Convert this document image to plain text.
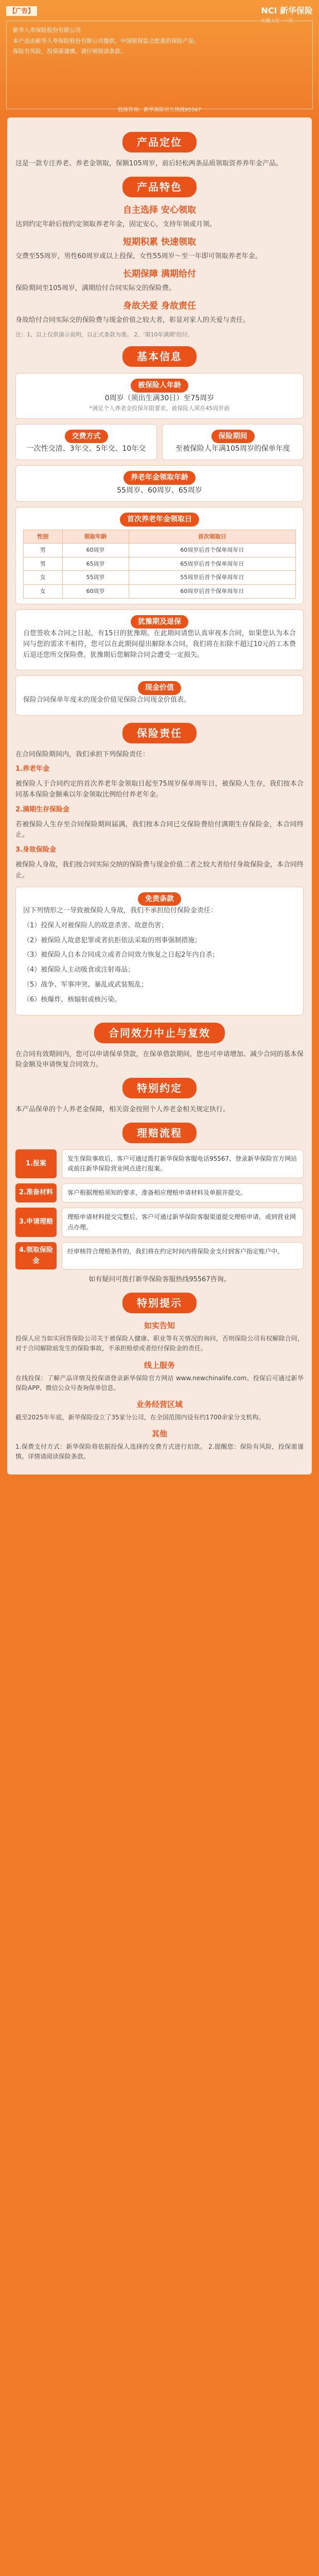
【广告】	NCI 新华保险
天使人生 · 一生

新华人寿保险股份有限公司

本产品由新华人寿保险股份有限公司提供，中国银保监会批准的保险产品。

保险有风险，投保需谨慎。请仔细阅读条款。

投保咨询：新华保险官方热线95567
产品定位

这是一款专注养老、养老金领取，保额105周岁，前后轻松两条品质领取资养养年金产品。

产品特色
自主选择 安心领取

达到约定年龄后按约定领取养老年金，固定安心，支持年领或月领。

短期积累 快速领取

交费至55周岁，男性60周岁或以上投保，女性55周岁～至一年即可领取养老年金。

长期保障 满期给付

保险期间至105周岁，满期给付合同实际交的保险费。

身故关爱 身故责任

身故给付合同实际交的保险费与现金价值之较大者，彰显对家人的关爱与责任。

注：1、以上仅供演示说明，以正式条款为准。 2、'第10年满期'给付。

基本信息
被保险人年龄

0周岁（须出生满30日）至75周岁

*满足个人养老金投保年限要求，被保险人须在45周岁前

交费方式

一次性交清、3年交、5年交、10年交

保险期间

至被保险人年满105周岁的保单年度

养老年金领取年龄

55周岁、60周岁、65周岁

首次养老年金领取日
性别	领取年龄	首次领取日
男	60周岁	60周岁后首个保单周年日
男	65周岁	65周岁后首个保单周年日
女	55周岁	55周岁后首个保单周年日
女	60周岁	60周岁后首个保单周年日
犹豫期及退保

自您签收本合同之日起，有15日的犹豫期。在此期间请您认真审视本合同，如果您认为本合同与您的需求不相符，您可以在此期间提出解除本合同，我们将在扣除不超过10元的工本费后退还您所交保险费。犹豫期后您解除合同会遭受一定损失。

现金价值

保险合同保单年度末的现金价值见保险合同现金价值表。

保险责任

在合同保险期间内，我们承担下列保险责任：

1.养老年金

被保险人于合同约定的首次养老年金领取日起至75周岁保单周年日，被保险人生存，我们按本合同基本保险金额乘以年金领取比例给付养老年金。

2.满期生存保险金

若被保险人生存至合同保险期间届满，我们按本合同已交保险费给付满期生存保险金，本合同终止。

3.身故保险金

被保险人身故，我们按合同实际交纳的保险费与现金价值二者之较大者给付身故保险金，本合同终止。

免责条款

因下列情形之一导致被保险人身故，我们不承担给付保险金责任：

（1）投保人对被保险人的故意杀害、故意伤害；

（2）被保险人故意犯罪或者抗拒依法采取的刑事强制措施；

（3）被保险人自本合同成立或者合同效力恢复之日起2年内自杀；

（4）被保险人主动吸食或注射毒品；

（5）战争、军事冲突、暴乱或武装叛乱；

（6）核爆炸、核辐射或核污染。

合同效力中止与复效

在合同有效期间内，您可以申请保单贷款，在保单借款期间，您也可申请增加、减少合同的基本保险金额及申请恢复合同效力。

特别约定

本产品保单的个人养老金保障，相关资金按照个人养老金相关规定执行。

理赔流程
1.报案
发生保险事故后，客户可通过拨打新华保险客服电话95567、登录新华保险官方网站或前往新华保险营业网点进行报案。
2.准备材料	客户根据理赔须知的要求，准备相应理赔申请材料及单据并提交。
3.申请理赔
理赔申请材料提交完整后，客户可通过新华保险客服渠道提交理赔申请，或到营业网点办理。
4.领取保险金
经审核符合理赔条件的，我们将在约定时间内将保险金支付到客户指定账户中。

如有疑问可拨打新华保险客服热线95567咨询。

特别提示
如实告知

投保人应当如实回答保险公司关于被保险人健康、职业等有关情况的询问，否则保险公司有权解除合同，对于合同解除前发生的保险事故，不承担赔偿或者给付保险金的责任。

线上服务

在线投保：了解产品详情及投保请登录新华保险官方网站 www.newchinalife.com。投保后可通过新华保险APP、微信公众号查询保单信息。

业务经营区域

截至2025年年底，新华保险设立了35家分公司，在全国范围内设有约1700余家分支机构。

其他

1.保费支付方式：新华保险将依据投保人选择的交费方式进行扣款。 2.提醒您：保险有风险，投保需谨慎。详情请阅读保险条款。
